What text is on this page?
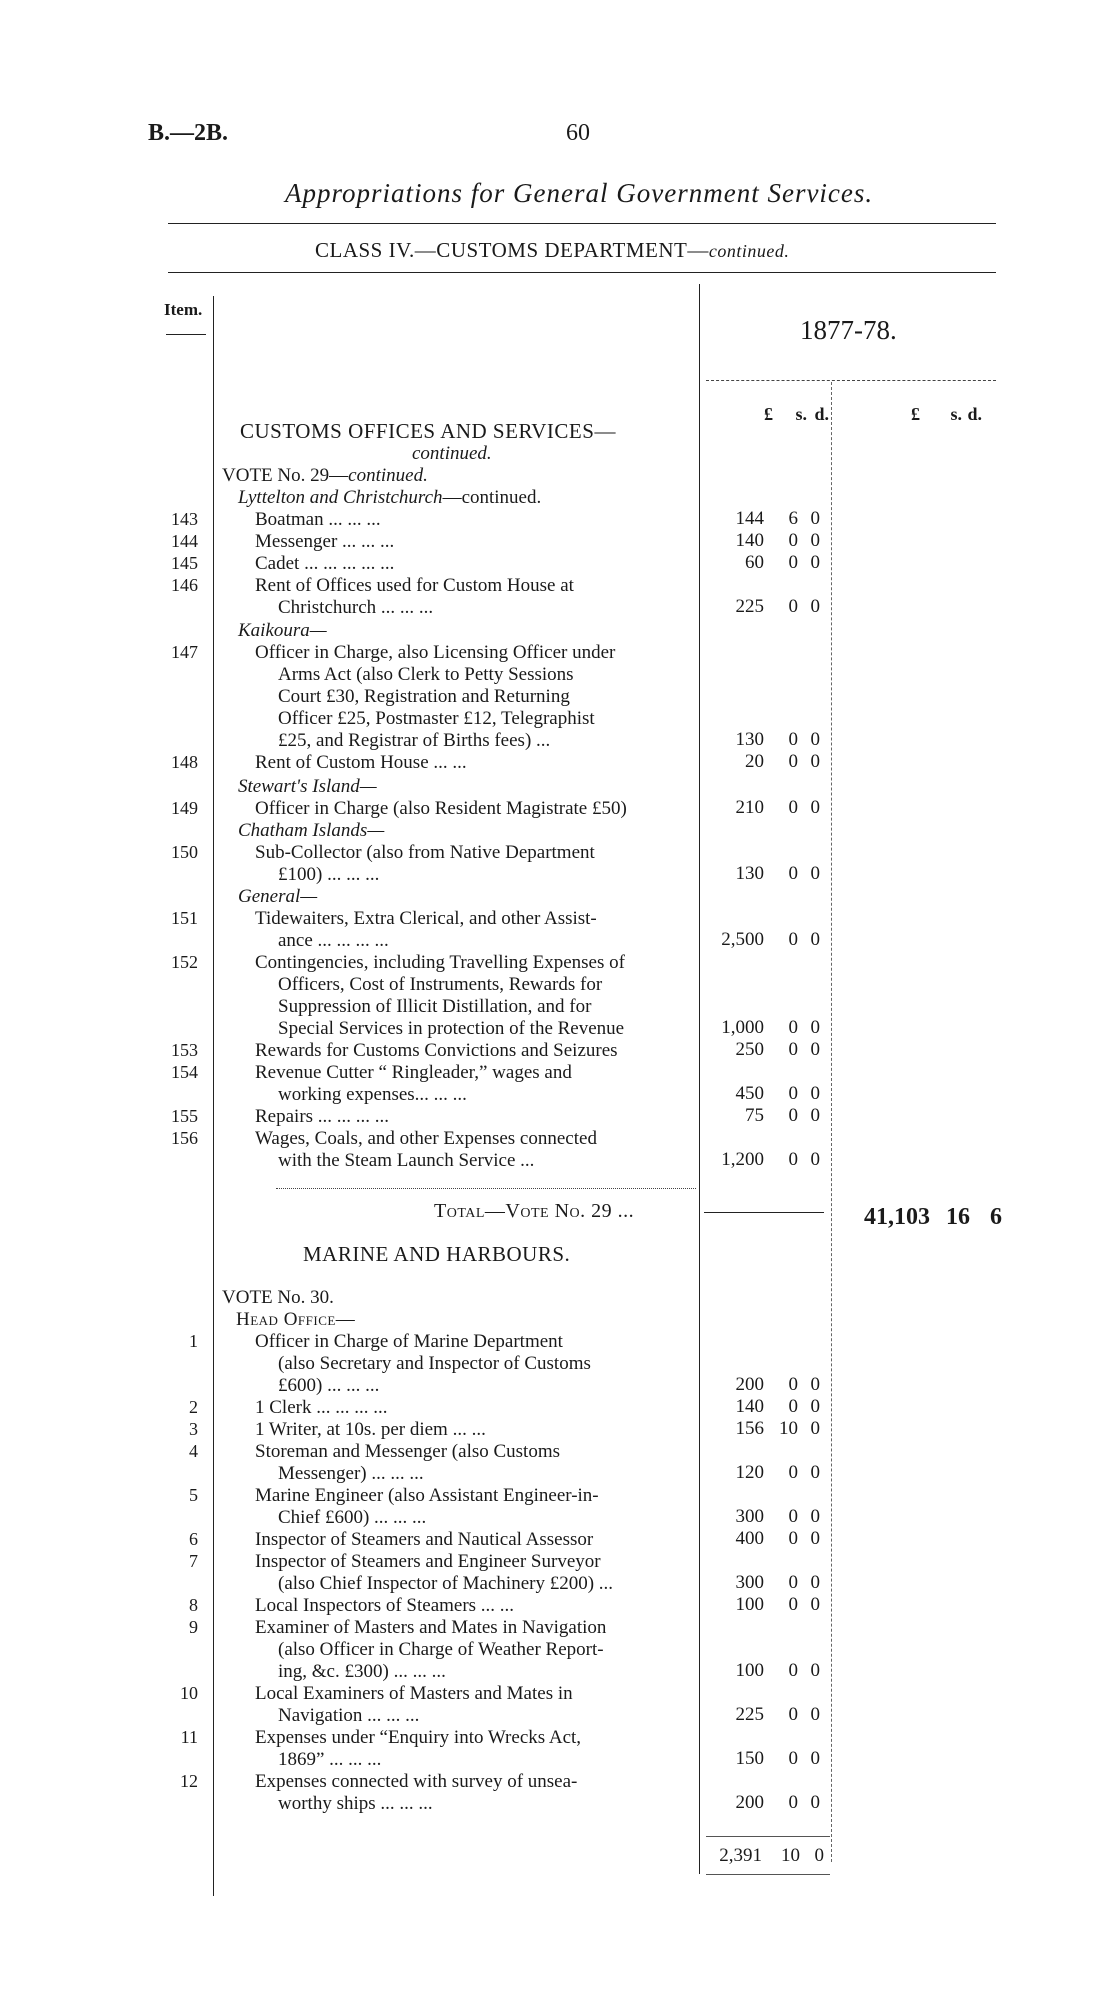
B.—2B.	60
Appropriations for General Government Services.
CLASS IV.—CUSTOMS DEPARTMENT—continued.
Item.
1877-78.
£	s. d.	£	s. d.
CUSTOMS OFFICES AND SERVICES—
continued.
VOTE No. 29—continued.
Lyttelton and Christchurch—continued.
Kaikoura—
Stewart's Island—
Chatham Islands—
General—
143	Boatman ... ... ...	144	6 0
144	Messenger ... ... ...	140	0 0
145	Cadet ... ... ... ... ...	60	0 0
146	Rent of Offices used for Custom House at
Christchurch ... ... ...	225	0 0
147	Officer in Charge, also Licensing Officer under
Arms Act (also Clerk to Petty Sessions
Court £30, Registration and Returning
Officer £25, Postmaster £12, Telegraphist
£25, and Registrar of Births fees) ...	130	0 0
148	Rent of Custom House ... ...	20	0 0
149	Officer in Charge (also Resident Magistrate £50)	210	0 0
150	Sub-Collector (also from Native Department
£100) ... ... ...	130	0 0
151	Tidewaiters, Extra Clerical, and other Assist-
ance ... ... ... ...	2,500	0 0
152	Contingencies, including Travelling Expenses of
Officers, Cost of Instruments, Rewards for
Suppression of Illicit Distillation, and for
Special Services in protection of the Revenue	1,000	0 0
153	Rewards for Customs Convictions and Seizures	250	0 0
154	Revenue Cutter “ Ringleader,” wages and
working expenses... ... ...	450	0 0
155	Repairs ... ... ... ...	75	0 0
156	Wages, Coals, and other Expenses connected
with the Steam Launch Service ...	1,200	0 0
Total—Vote No. 29 ...	41,103 16 6
MARINE AND HARBOURS.
VOTE No. 30.
Head Office—
1	Officer in Charge of Marine Department
(also Secretary and Inspector of Customs
£600) ... ... ...	200	0 0
2	1 Clerk ... ... ... ...	140	0 0
3	1 Writer, at 10s. per diem ... ...	156 10 0
4	Storeman and Messenger (also Customs
Messenger) ... ... ...	120	0 0
5	Marine Engineer (also Assistant Engineer-in-
Chief £600) ... ... ...	300	0 0
6	Inspector of Steamers and Nautical Assessor	400	0 0
7	Inspector of Steamers and Engineer Surveyor
(also Chief Inspector of Machinery £200) ...	300	0 0
8	Local Inspectors of Steamers ... ...	100	0 0
9	Examiner of Masters and Mates in Navigation
(also Officer in Charge of Weather Report-
ing, &c. £300) ... ... ...	100	0 0
10	Local Examiners of Masters and Mates in
Navigation ... ... ...	225	0 0
11	Expenses under “Enquiry into Wrecks Act,
1869” ... ... ...	150	0 0
12	Expenses connected with survey of unsea-
worthy ships ... ... ...	200	0 0
2,391	10 0
